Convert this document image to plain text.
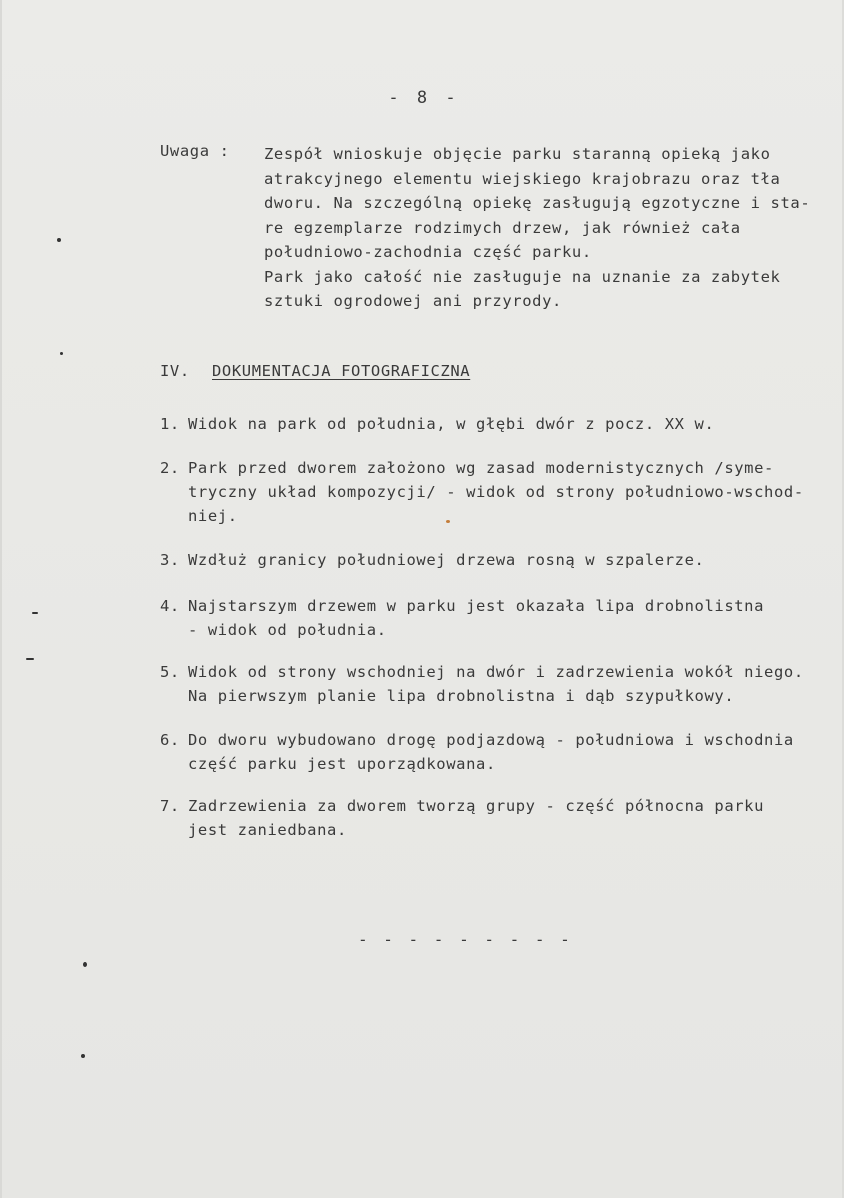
- 8 -
Uwaga : Zespół wnioskuje objęcie parku staranną opieką jako
atrakcyjnego elementu wiejskiego krajobrazu oraz tła
dworu. Na szczególną opiekę zasługują egzotyczne i sta-
re egzemplarze rodzimych drzew, jak również cała
południowo-zachodnia część parku.
Park jako całość nie zasługuje na uznanie za zabytek
sztuki ogrodowej ani przyrody.
IV. DOKUMENTACJA FOTOGRAFICZNA
1. Widok na park od południa, w głębi dwór z pocz. XX w.
2. Park przed dworem założono wg zasad modernistycznych /syme-
tryczny układ kompozycji/ - widok od strony południowo-wschod-
niej.
3. Wzdłuż granicy południowej drzewa rosną w szpalerze.
4. Najstarszym drzewem w parku jest okazała lipa drobnolistna
- widok od południa.
5. Widok od strony wschodniej na dwór i zadrzewienia wokół niego.
Na pierwszym planie lipa drobnolistna i dąb szypułkowy.
6. Do dworu wybudowano drogę podjazdową - południowa i wschodnia
część parku jest uporządkowana.
7. Zadrzewienia za dworem tworzą grupy - część północna parku
jest zaniedbana.
- - - - - - - - -
